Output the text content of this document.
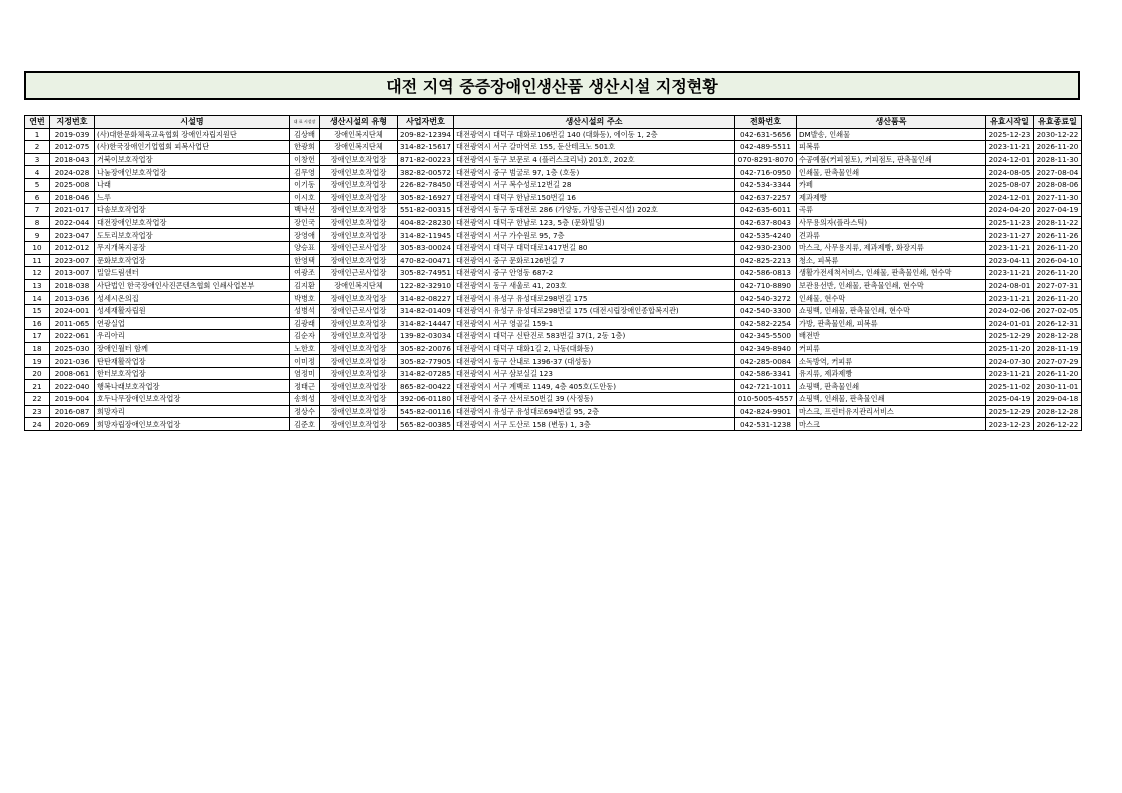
대전 지역 중증장애인생산품 생산시설 지정현황
연번	지정번호	시설명	대 표 시설장	생산시설의 유형	사업자번호	생산시설의 주소	전화번호	생산품목	유효시작일	유효종료일
1	2019-039	(사)대한문화체육교육협회 장애인자립지원단	김상배	장애인복지단체	209-82-12394	대전광역시 대덕구 대화로106번길 140 (대화동), 에이동 1, 2층	042-631-5656	DM발송, 인쇄물	2025-12-23	2030-12-22
2	2012-075	(사)한국장애인기업협회 피복사업단	한광희	장애인복지단체	314-82-15617	대전광역시 서구 갈마역로 155, 둔산테크노 501호	042-489-5511	피복류	2023-11-21	2026-11-20
3	2018-043	거북이보호작업장	이창헌	장애인보호작업장	871-82-00223	대전광역시 동구 보문로 4 (플러스크리닉) 201호, 202호	070-8291-8070	수공예품(커피점토), 커피점토, 판촉물인쇄	2024-12-01	2028-11-30
4	2024-028	나눔장애인보호작업장	김무영	장애인보호작업장	382-82-00572	대전광역시 중구 범굴로 97, 1층 (호동)	042-716-0950	인쇄물, 판촉물인쇄	2024-08-05	2027-08-04
5	2025-008	나래	이기동	장애인보호작업장	226-82-78450	대전광역시 서구 복수성로12번길 28	042-534-3344	카페	2025-08-07	2028-08-06
6	2018-046	느루	이시호	장애인보호작업장	305-82-16927	대전광역시 대덕구 한남로150번길 16	042-637-2257	제과제빵	2024-12-01	2027-11-30
7	2021-017	다솜보호작업장	백낙선	장애인보호작업장	551-82-00315	대전광역시 동구 동대전로 286 (가양동, 가양동근린시설) 202호	042-635-6011	곡류	2024-04-20	2027-04-19
8	2022-044	대전장애인보호작업장	장인국	장애인보호작업장	404-82-28230	대전광역시 대덕구 한남로 123, 5층 (문화빌딩)	042-637-8043	사무용의자(플라스틱)	2025-11-23	2028-11-22
9	2023-047	도토리보호작업장	장영애	장애인보호작업장	314-82-11945	대전광역시 서구 가수원로 95, 7층	042-535-4240	견과류	2023-11-27	2026-11-26
10	2012-012	무지개복지공장	양승표	장애인근로사업장	305-83-00024	대전광역시 대덕구 대덕대로1417번길 80	042-930-2300	마스크, 사무용지류, 제과제빵, 화장지류	2023-11-21	2026-11-20
11	2023-007	문화보호작업장	한영택	장애인보호작업장	470-82-00471	대전광역시 중구 문화로126번길 7	042-825-2213	청소, 피복류	2023-04-11	2026-04-10
12	2013-007	밀알드림센터	여광조	장애인근로사업장	305-82-74951	대전광역시 중구 안영동 687-2	042-586-0813	생활가전세척서비스, 인쇄물, 판촉물인쇄, 현수막	2023-11-21	2026-11-20
13	2018-038	사단법인 한국장애인사진콘텐츠협회 인쇄사업본부	김지환	장애인복지단체	122-82-32910	대전광역시 동구 새울로 41, 203호	042-710-8890	보관용선반, 인쇄물, 판촉물인쇄, 현수막	2024-08-01	2027-07-31
14	2013-036	성세시온의집	박병호	장애인보호작업장	314-82-08227	대전광역시 유성구 유성대로298번길 175	042-540-3272	인쇄물, 현수막	2023-11-21	2026-11-20
15	2024-001	성세재활자립원	성병석	장애인근로사업장	314-82-01409	대전광역시 유성구 유성대로298번길 175 (대전시립장애인종합복지관)	042-540-3300	쇼핑백, 인쇄물, 판촉물인쇄, 현수막	2024-02-06	2027-02-05
16	2011-065	연광실업	김광래	장애인보호작업장	314-82-14447	대전광역시 서구 영골길 159-1	042-582-2254	가방, 판촉물인쇄, 피복류	2024-01-01	2026-12-31
17	2022-061	우리아리	김순자	장애인보호작업장	139-82-03034	대전광역시 대덕구 신탄진로 583번길 37(1, 2동 1층)	042-345-5500	배전반	2025-12-29	2028-12-28
18	2025-030	장애인월터 함께	노한호	장애인보호작업장	305-82-20076	대전광역시 대덕구 대화1길 2, 나동(대화동)	042-349-8940	커피류	2025-11-20	2028-11-19
19	2021-036	탄탄재활작업장	이미정	장애인보호작업장	305-82-77905	대전광역시 동구 산내로 1396-37 (대성동)	042-285-0084	소독방역, 커피류	2024-07-30	2027-07-29
20	2008-061	한터보호작업장	염정미	장애인보호작업장	314-82-07285	대전광역시 서구 삼보실길 123	042-586-3341	유지류, 제과제빵	2023-11-21	2026-11-20
21	2022-040	행복나래보호작업장	정태근	장애인보호작업장	865-82-00422	대전광역시 서구 계백로 1149, 4층 405호(도안동)	042-721-1011	쇼핑백, 판촉물인쇄	2025-11-02	2030-11-01
22	2019-004	호두나무장애인보호작업장	송희성	장애인보호작업장	392-06-01180	대전광역시 중구 산서로50번길 39 (사정동)	010-5005-4557	쇼핑백, 인쇄물, 판촉물인쇄	2025-04-19	2029-04-18
23	2016-087	희망자리	정상수	장애인보호작업장	545-82-00116	대전광역시 유성구 유성대로694번길 95, 2층	042-824-9901	마스크, 프린터유지관리서비스	2025-12-29	2028-12-28
24	2020-069	희망자립장애인보호작업장	김준호	장애인보호작업장	565-82-00385	대전광역시 서구 도산로 158 (변동) 1, 3층	042-531-1238	마스크	2023-12-23	2026-12-22
